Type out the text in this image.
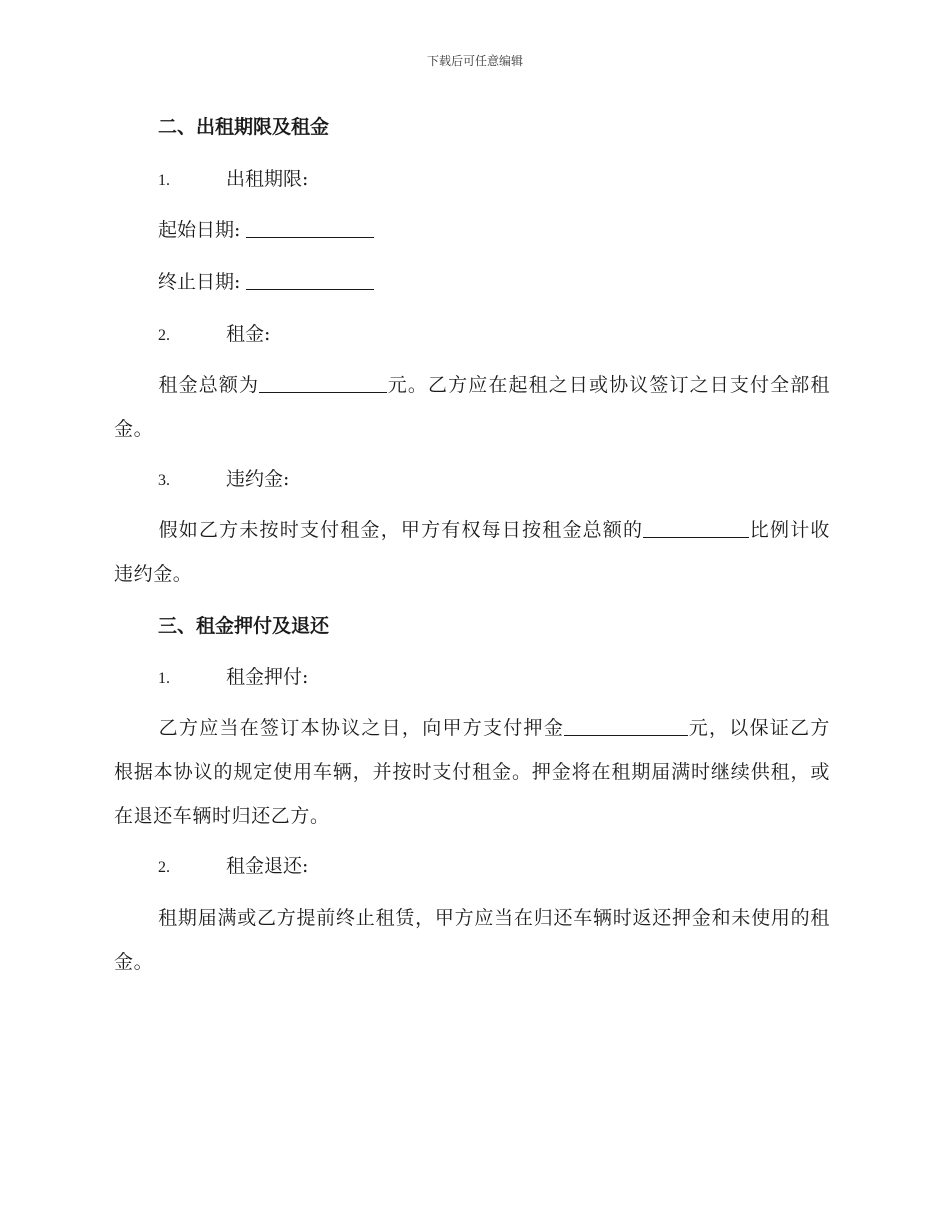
下载后可任意编辑
二、出租期限及租金
1.	出租期限:
起始日期:
终止日期:
2.	租金:
租金总额为	元。乙方应在起租之日或协议签订之日支付全部租金。
3.	违约金:
假如乙方未按时支付租金，甲方有权每日按租金总额的	比例计收违约金。
三、租金押付及退还
1.	租金押付:
乙方应当在签订本协议之日，向甲方支付押金	元，以保证乙方根据本协议的规定使用车辆，并按时支付租金。押金将在租期届满时继续供租，或在退还车辆时归还乙方。
2.	租金退还:
租期届满或乙方提前终止租赁，甲方应当在归还车辆时返还押金和未使用的租金。
